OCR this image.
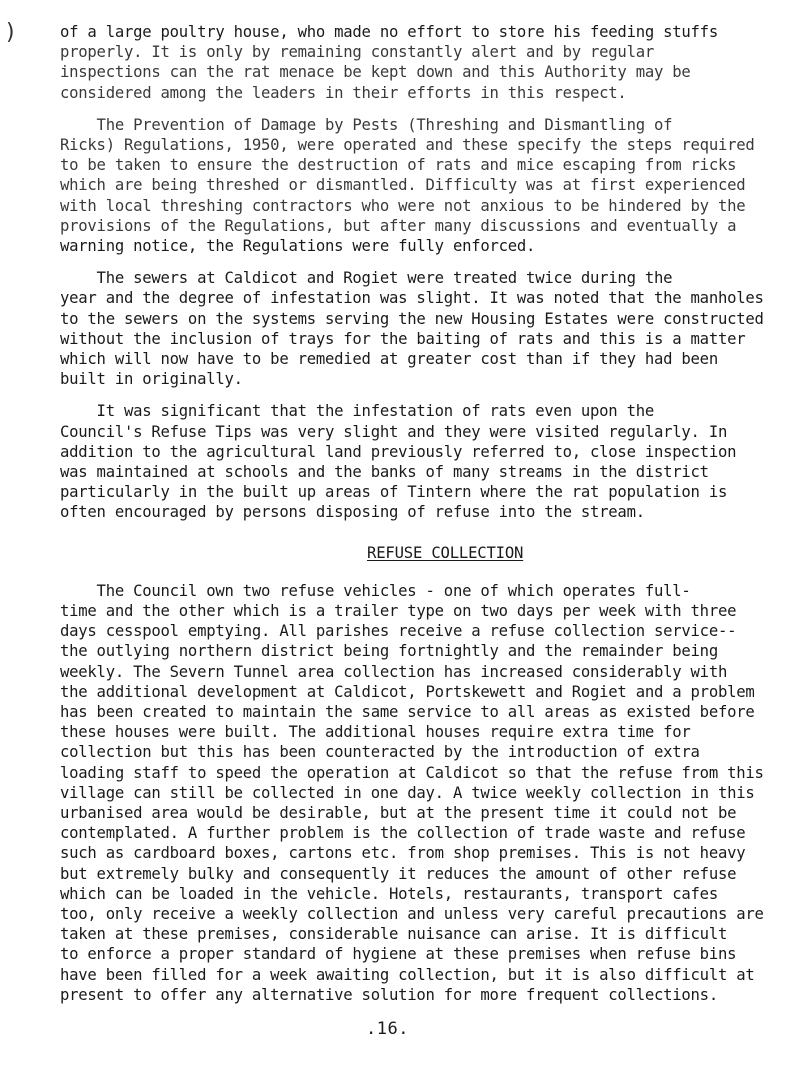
)	of a large poultry house, who made no effort to store his feeding stuffs
properly. It is only by remaining constantly alert and by regular
inspections can the rat menace be kept down and this Authority may be
considered among the leaders in their efforts in this respect.
The Prevention of Damage by Pests (Threshing and Dismantling of
Ricks) Regulations, 1950, were operated and these specify the steps required
to be taken to ensure the destruction of rats and mice escaping from ricks
which are being threshed or dismantled. Difficulty was at first experienced
with local threshing contractors who were not anxious to be hindered by the
provisions of the Regulations, but after many discussions and eventually a
warning notice, the Regulations were fully enforced.
The sewers at Caldicot and Rogiet were treated twice during the
year and the degree of infestation was slight. It was noted that the manholes
to the sewers on the systems serving the new Housing Estates were constructed
without the inclusion of trays for the baiting of rats and this is a matter
which will now have to be remedied at greater cost than if they had been
built in originally.
It was significant that the infestation of rats even upon the
Council's Refuse Tips was very slight and they were visited regularly. In
addition to the agricultural land previously referred to, close inspection
was maintained at schools and the banks of many streams in the district
particularly in the built up areas of Tintern where the rat population is
often encouraged by persons disposing of refuse into the stream.
REFUSE COLLECTION
The Council own two refuse vehicles - one of which operates full-
time and the other which is a trailer type on two days per week with three
days cesspool emptying. All parishes receive a refuse collection service--
the outlying northern district being fortnightly and the remainder being
weekly. The Severn Tunnel area collection has increased considerably with
the additional development at Caldicot, Portskewett and Rogiet and a problem
has been created to maintain the same service to all areas as existed before
these houses were built. The additional houses require extra time for
collection but this has been counteracted by the introduction of extra
loading staff to speed the operation at Caldicot so that the refuse from this
village can still be collected in one day. A twice weekly collection in this
urbanised area would be desirable, but at the present time it could not be
contemplated. A further problem is the collection of trade waste and refuse
such as cardboard boxes, cartons etc. from shop premises. This is not heavy
but extremely bulky and consequently it reduces the amount of other refuse
which can be loaded in the vehicle. Hotels, restaurants, transport cafes
too, only receive a weekly collection and unless very careful precautions are
taken at these premises, considerable nuisance can arise. It is difficult
to enforce a proper standard of hygiene at these premises when refuse bins
have been filled for a week awaiting collection, but it is also difficult at
present to offer any alternative solution for more frequent collections.
.16.
